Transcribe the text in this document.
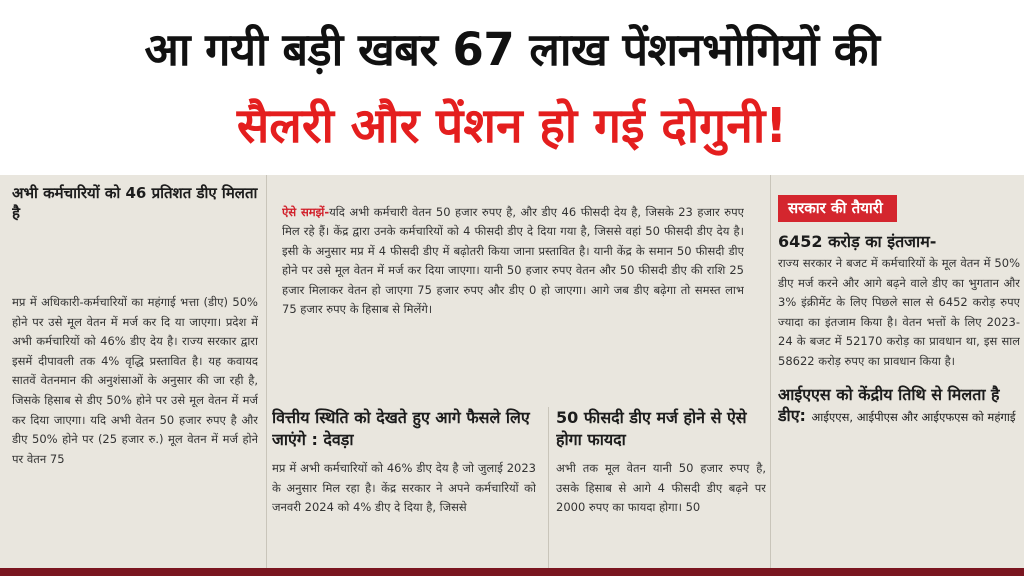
आ गयी बड़ी खबर 67 लाख पेंशनभोगियों की
सैलरी और पेंशन हो गई दोगुनी!

अभी कर्मचारियों को 46 प्रतिशत डीए मिलता है

मप्र में अधिकारी-कर्मचारियों का महंगाई भत्ता (डीए) 50% होने पर उसे मूल वेतन में मर्ज कर दि या जाएगा। प्रदेश में अभी कर्मचारियों को 46% डीए देय है। राज्य सरकार द्वारा इसमें दीपावली तक 4% वृद्धि प्रस्तावित है। यह कवायद सातवें वेतनमान की अनुशंसाओं के अनुसार की जा रही है, जिसके हिसाब से डीए 50% होने पर उसे मूल वेतन में मर्ज कर दिया जाएगा। यदि अभी वेतन 50 हजार रुपए है और डीए 50% होने पर (25 हजार रु.) मूल वेतन में मर्ज होने पर वेतन 75

ऐसे समझें-यदि अभी कर्मचारी वेतन 50 हजार रुपए है, और डीए 46 फीसदी देय है, जिसके 23 हजार रुपए मिल रहे हैं। केंद्र द्वारा उनके कर्मचारियों को 4 फीसदी डीए दे दिया गया है, जिससे वहां 50 फीसदी डीए देय है। इसी के अनुसार मप्र में 4 फीसदी डीए में बढ़ोतरी किया जाना प्रस्तावित है। यानी केंद्र के समान 50 फीसदी डीए होने पर उसे मूल वेतन में मर्ज कर दिया जाएगा। यानी 50 हजार रुपए वेतन और 50 फीसदी डीए की राशि 25 हजार मिलाकर वेतन हो जाएगा 75 हजार रुपए और डीए 0 हो जाएगा। आगे जब डीए बढ़ेगा तो समस्त लाभ 75 हजार रुपए के हिसाब से मिलेंगे।

वित्तीय स्थिति को देखते हुए आगे फैसले लिए जाएंगे : देवड़ा

मप्र में अभी कर्मचारियों को 46% डीए देय है जो जुलाई 2023 के अनुसार मिल रहा है। केंद्र सरकार ने अपने कर्मचारियों को जनवरी 2024 को 4% डीए दे दिया है, जिससे

50 फीसदी डीए मर्ज होने से ऐसे होगा फायदा

अभी तक मूल वेतन यानी 50 हजार रुपए है, उसके हिसाब से आगे 4 फीसदी डीए बढ़ने पर 2000 रुपए का फायदा होगा। 50

सरकार की तैयारी

6452 करोड़ का इंतजाम-

राज्य सरकार ने बजट में कर्मचारियों के मूल वेतन में 50% डीए मर्ज करने और आगे बढ़ने वाले डीए का भुगतान और 3% इंक्रीमेंट के लिए पिछले साल से 6452 करोड़ रुपए ज्यादा का इंतजाम किया है। वेतन भत्तों के लिए 2023-24 के बजट में 52170 करोड़ का प्रावधान था, इस साल 58622 करोड़ रुपए का प्रावधान किया है।

आईएएस को केंद्रीय तिथि से मिलता है डीए: आईएएस, आईपीएस और आईएफएस को महंगाई
